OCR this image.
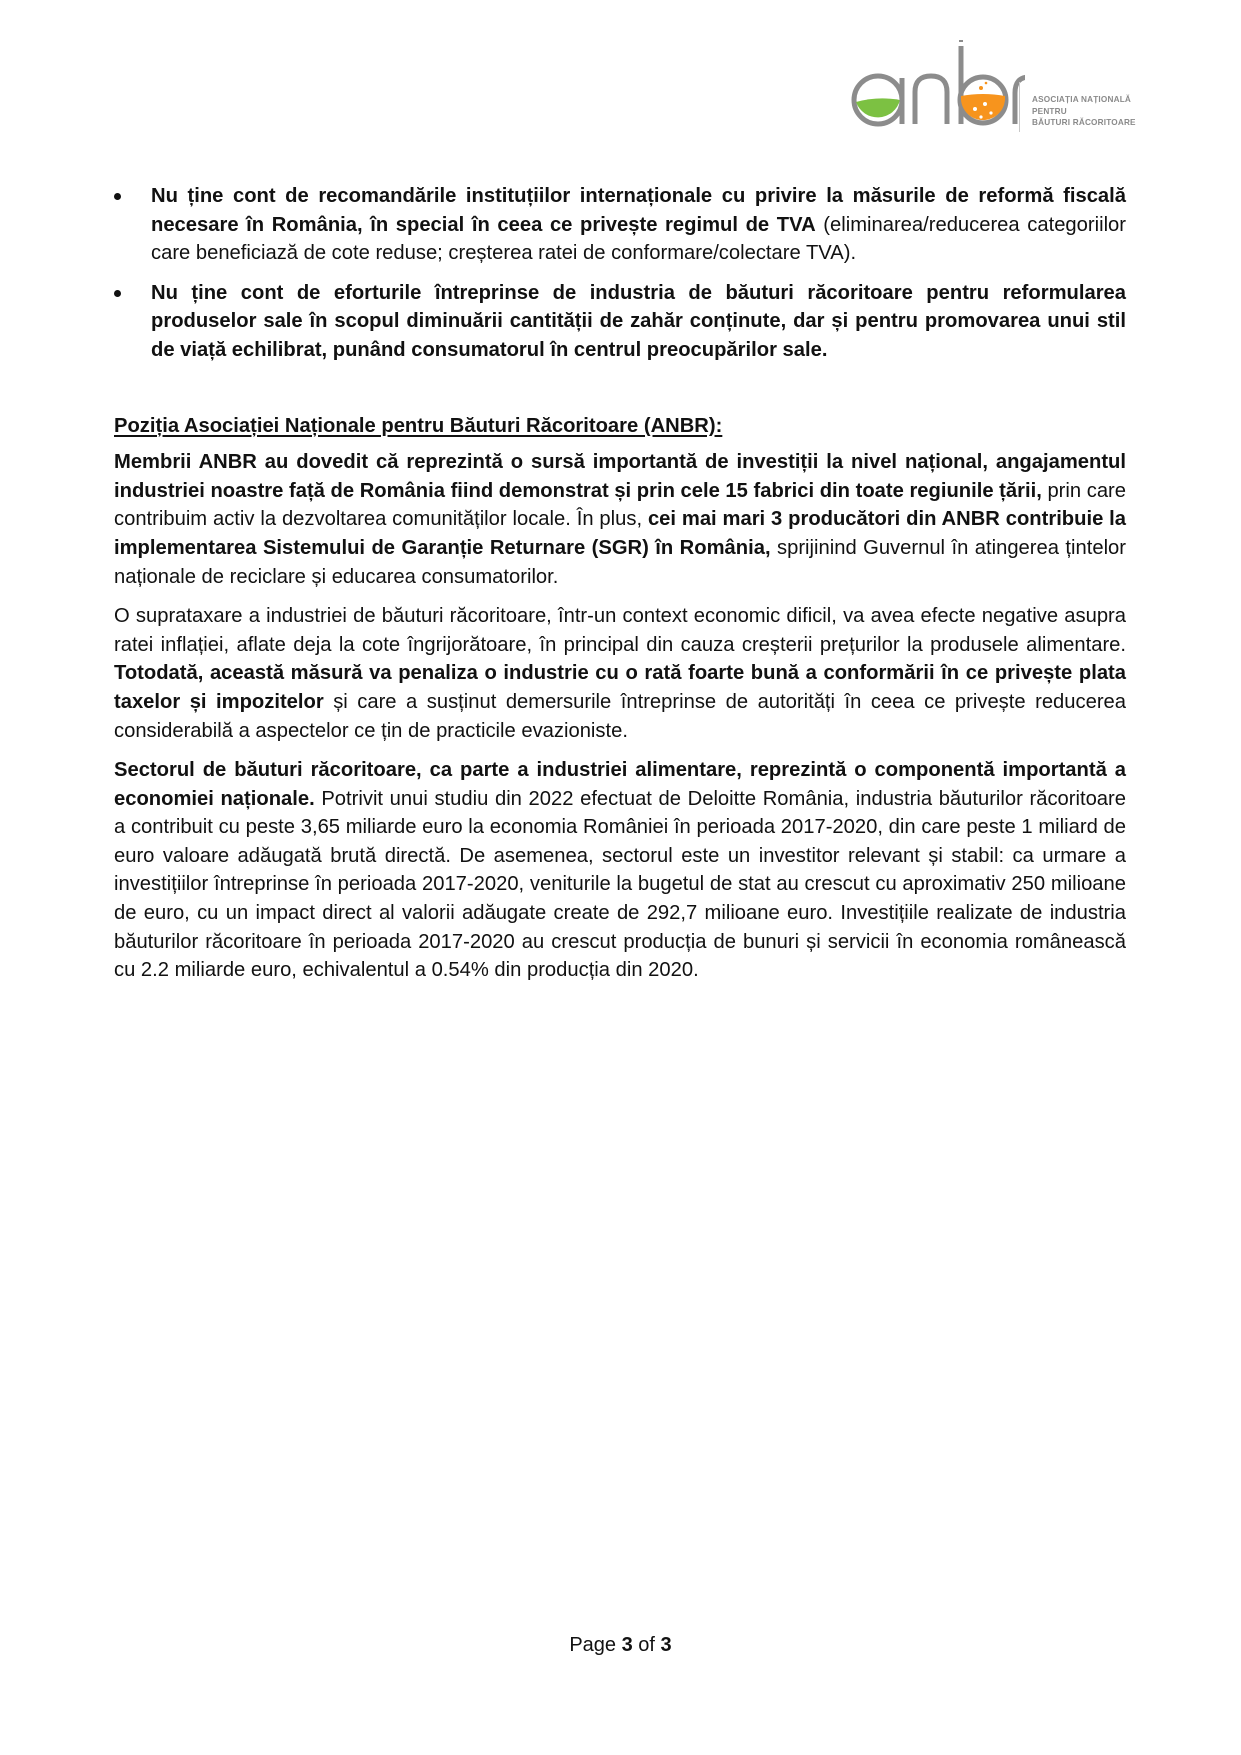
ASOCIAȚIA NAȚIONALĂ
PENTRU
BĂUTURI RĂCORITOARE
Nu ține cont de recomandările instituțiilor internaționale cu privire la măsurile de reformă fiscală necesare în România, în special în ceea ce privește regimul de TVA (eliminarea/reducerea categoriilor care beneficiază de cote reduse; creșterea ratei de conformare/colectare TVA).
Nu ține cont de eforturile întreprinse de industria de băuturi răcoritoare pentru reformularea produselor sale în scopul diminuării cantității de zahăr conținute, dar și pentru promovarea unui stil de viață echilibrat, punând consumatorul în centrul preocupărilor sale.
Poziția Asociației Naționale pentru Băuturi Răcoritoare (ANBR):

Membrii ANBR au dovedit că reprezintă o sursă importantă de investiții la nivel național, angajamentul industriei noastre față de România fiind demonstrat și prin cele 15 fabrici din toate regiunile țării, prin care contribuim activ la dezvoltarea comunităților locale. În plus, cei mai mari 3 producători din ANBR contribuie la implementarea Sistemului de Garanție Returnare (SGR) în România, sprijinind Guvernul în atingerea țintelor naționale de reciclare și educarea consumatorilor.

O suprataxare a industriei de băuturi răcoritoare, într-un context economic dificil, va avea efecte negative asupra ratei inflației, aflate deja la cote îngrijorătoare, în principal din cauza creșterii prețurilor la produsele alimentare. Totodată, această măsură va penaliza o industrie cu o rată foarte bună a conformării în ce privește plata taxelor și impozitelor și care a susținut demersurile întreprinse de autorități în ceea ce privește reducerea considerabilă a aspectelor ce țin de practicile evazioniste.

Sectorul de băuturi răcoritoare, ca parte a industriei alimentare, reprezintă o componentă importantă a economiei naționale. Potrivit unui studiu din 2022 efectuat de Deloitte România, industria băuturilor răcoritoare a contribuit cu peste 3,65 miliarde euro la economia României în perioada 2017-2020, din care peste 1 miliard de euro valoare adăugată brută directă. De asemenea, sectorul este un investitor relevant și stabil: ca urmare a investițiilor întreprinse în perioada 2017-2020, veniturile la bugetul de stat au crescut cu aproximativ 250 milioane de euro, cu un impact direct al valorii adăugate create de 292,7 milioane euro. Investițiile realizate de industria băuturilor răcoritoare în perioada 2017-2020 au crescut producția de bunuri și servicii în economia românească cu 2.2 miliarde euro, echivalentul a 0.54% din producția din 2020.

Page 3 of 3
